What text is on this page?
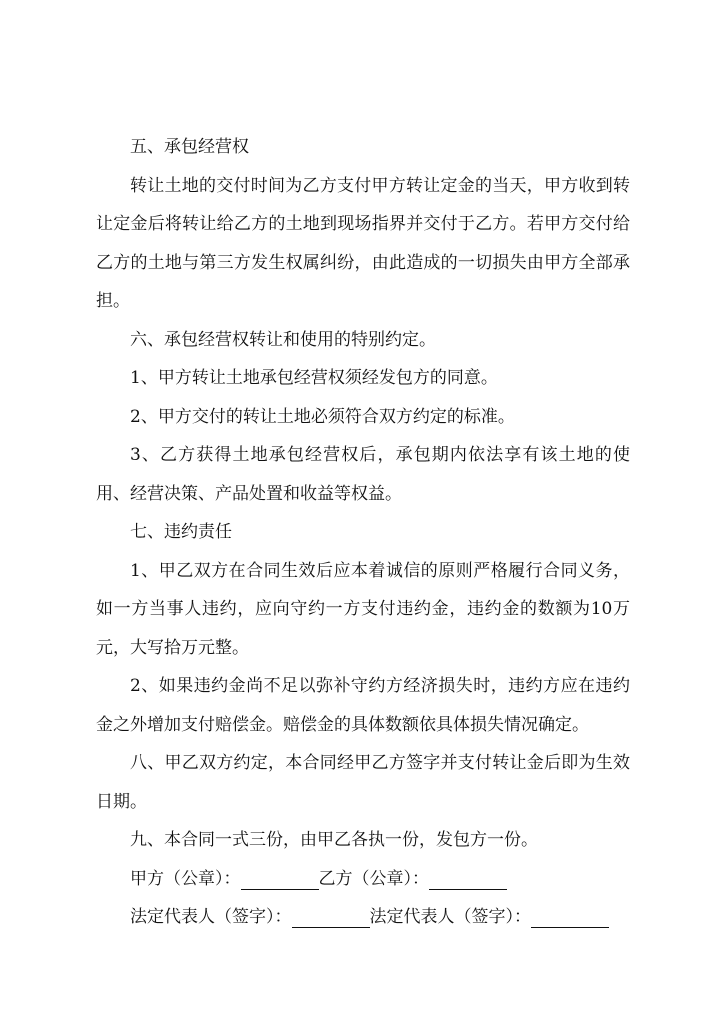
五、承包经营权

转让土地的交付时间为乙方支付甲方转让定金的当天，甲方收到转让定金后将转让给乙方的土地到现场指界并交付于乙方。若甲方交付给乙方的土地与第三方发生权属纠纷，由此造成的一切损失由甲方全部承担。

六、承包经营权转让和使用的特别约定。

1、甲方转让土地承包经营权须经发包方的同意。

2、甲方交付的转让土地必须符合双方约定的标准。

3、乙方获得土地承包经营权后，承包期内依法享有该土地的使用、经营决策、产品处置和收益等权益。

七、违约责任

1、甲乙双方在合同生效后应本着诚信的原则严格履行合同义务，如一方当事人违约，应向守约一方支付违约金，违约金的数额为10万元，大写拾万元整。

2、如果违约金尚不足以弥补守约方经济损失时，违约方应在违约金之外增加支付赔偿金。赔偿金的具体数额依具体损失情况确定。

八、甲乙双方约定，本合同经甲乙方签字并支付转让金后即为生效日期。

九、本合同一式三份，由甲乙各执一份，发包方一份。

甲方（公章）：	乙方（公章）：

法定代表人（签字）：	法定代表人（签字）：
